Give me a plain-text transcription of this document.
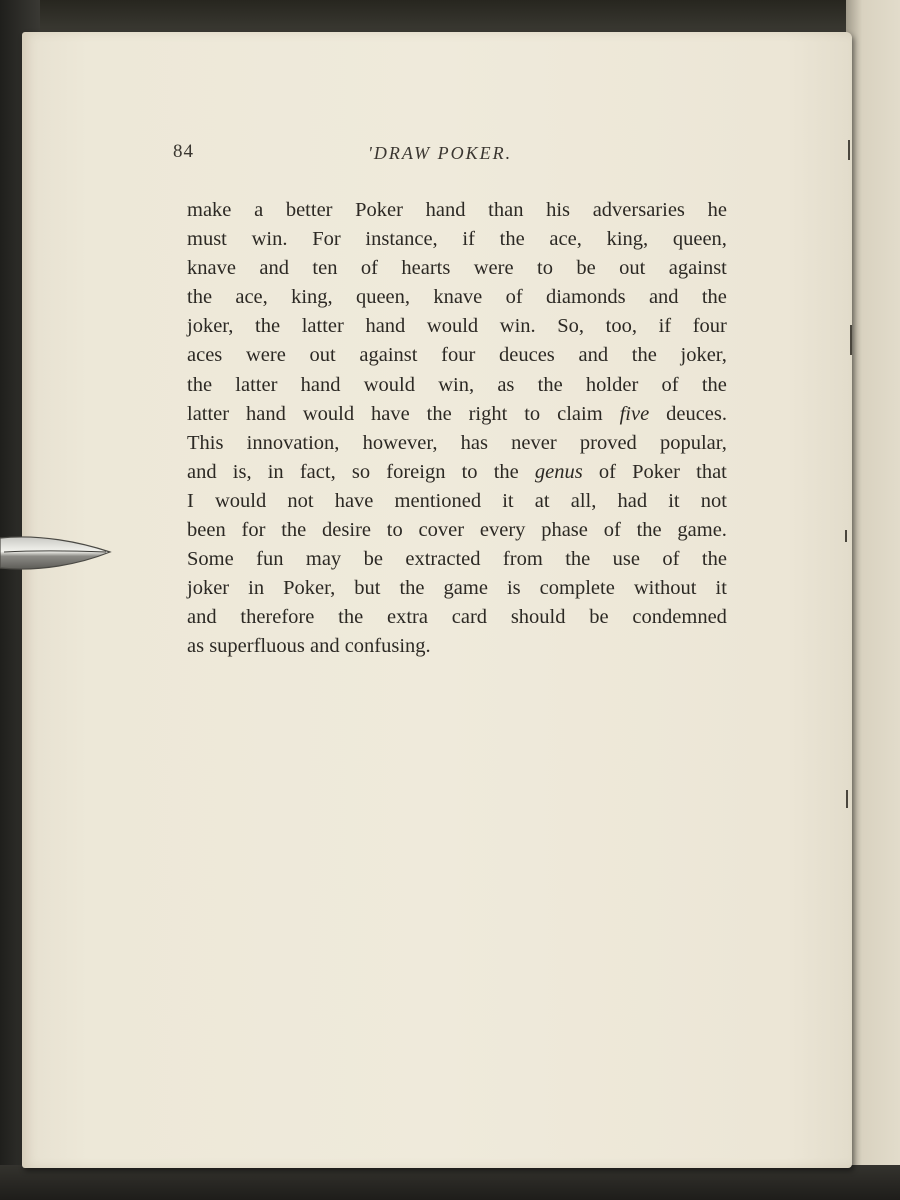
84	'DRAW POKER.
make a better Poker hand than his adversaries he
must win. For instance, if the ace, king, queen,
knave and ten of hearts were to be out against
the ace, king, queen, knave of diamonds and the
joker, the latter hand would win. So, too, if four
aces were out against four deuces and the joker,
the latter hand would win, as the holder of the
latter hand would have the right to claim five deuces.
This innovation, however, has never proved popular,
and is, in fact, so foreign to the genus of Poker that
I would not have mentioned it at all, had it not
been for the desire to cover every phase of the game.
Some fun may be extracted from the use of the
joker in Poker, but the game is complete without it
and therefore the extra card should be condemned
as superfluous and confusing.
